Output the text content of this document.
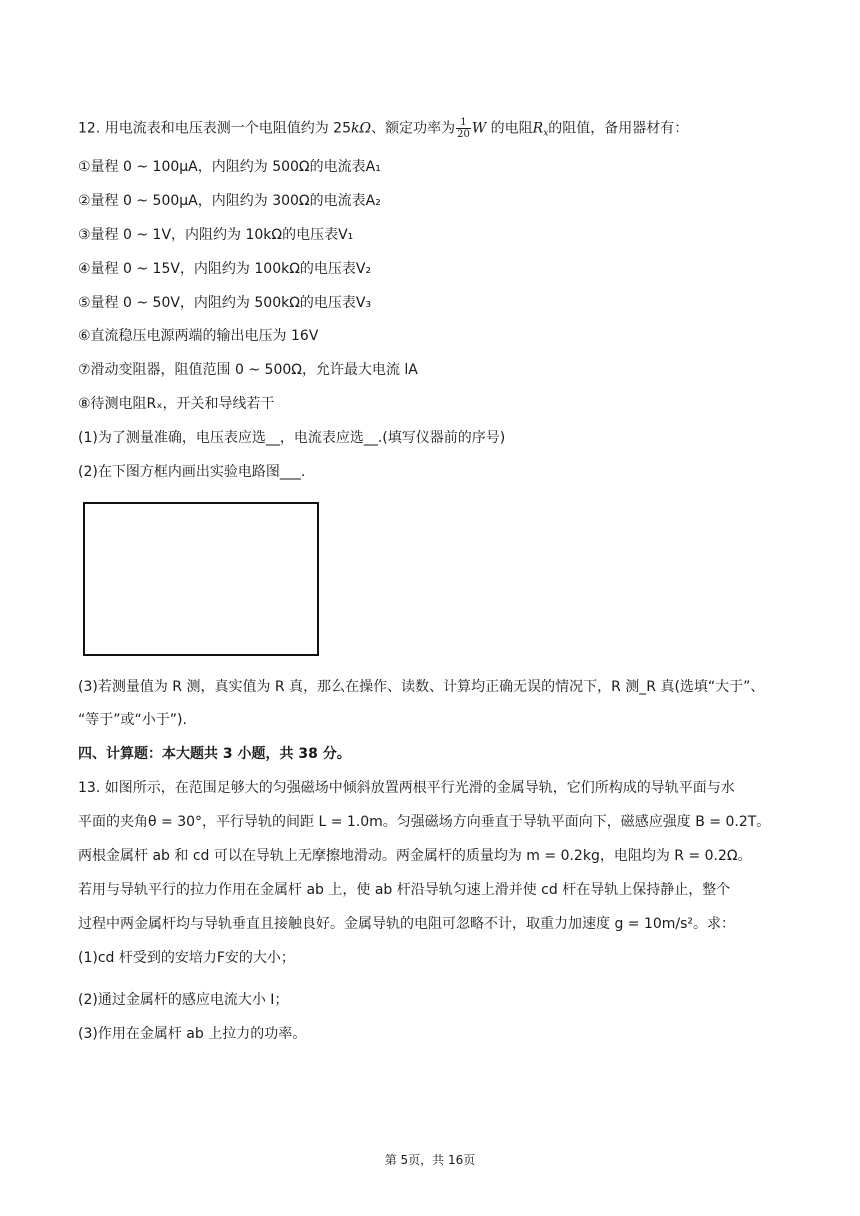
12. 用电流表和电压表测一个电阻值约为 25kΩ、额定功率为 $\frac{1}{20}$ W 的电阻$R_x$的阻值，备用器材有：
①量程 0 ~ 100μA，内阻约为 500Ω的电流表A₁
②量程 0 ~ 500μA，内阻约为 300Ω的电流表A₂
③量程 0 ~ 1V，内阻约为 10kΩ的电压表V₁
④量程 0 ~ 15V，内阻约为 100kΩ的电压表V₂
⑤量程 0 ~ 50V，内阻约为 500kΩ的电压表V₃
⑥直流稳压电源两端的输出电压为 16V
⑦滑动变阻器，阻值范围 0 ~ 500Ω，允许最大电流 lA
⑧待测电阻Rₓ，开关和导线若干
(1)为了测量准确，电压表应选__，电流表应选__.(填写仪器前的序号)
(2)在下图方框内画出实验电路图___.
(3)若测量值为 R 测，真实值为 R 真，那么在操作、读数、计算均正确无误的情况下，R 测_R 真(选填“大于”、
“等于”或“小于”).
四、计算题：本大题共 3 小题，共 38 分。
13. 如图所示，在范围足够大的匀强磁场中倾斜放置两根平行光滑的金属导轨，它们所构成的导轨平面与水
平面的夹角θ = 30°，平行导轨的间距 L = 1.0m。匀强磁场方向垂直于导轨平面向下，磁感应强度 B = 0.2T。
两根金属杆 ab 和 cd 可以在导轨上无摩擦地滑动。两金属杆的质量均为 m = 0.2kg，电阻均为 R = 0.2Ω。
若用与导轨平行的拉力作用在金属杆 ab 上，使 ab 杆沿导轨匀速上滑并使 cd 杆在导轨上保持静止，整个
过程中两金属杆均与导轨垂直且接触良好。金属导轨的电阻可忽略不计，取重力加速度 g = 10m/s²。求：
(1)cd 杆受到的安培力F安的大小；
(2)通过金属杆的感应电流大小 I；
(3)作用在金属杆 ab 上拉力的功率。
第 5页，共 16页
